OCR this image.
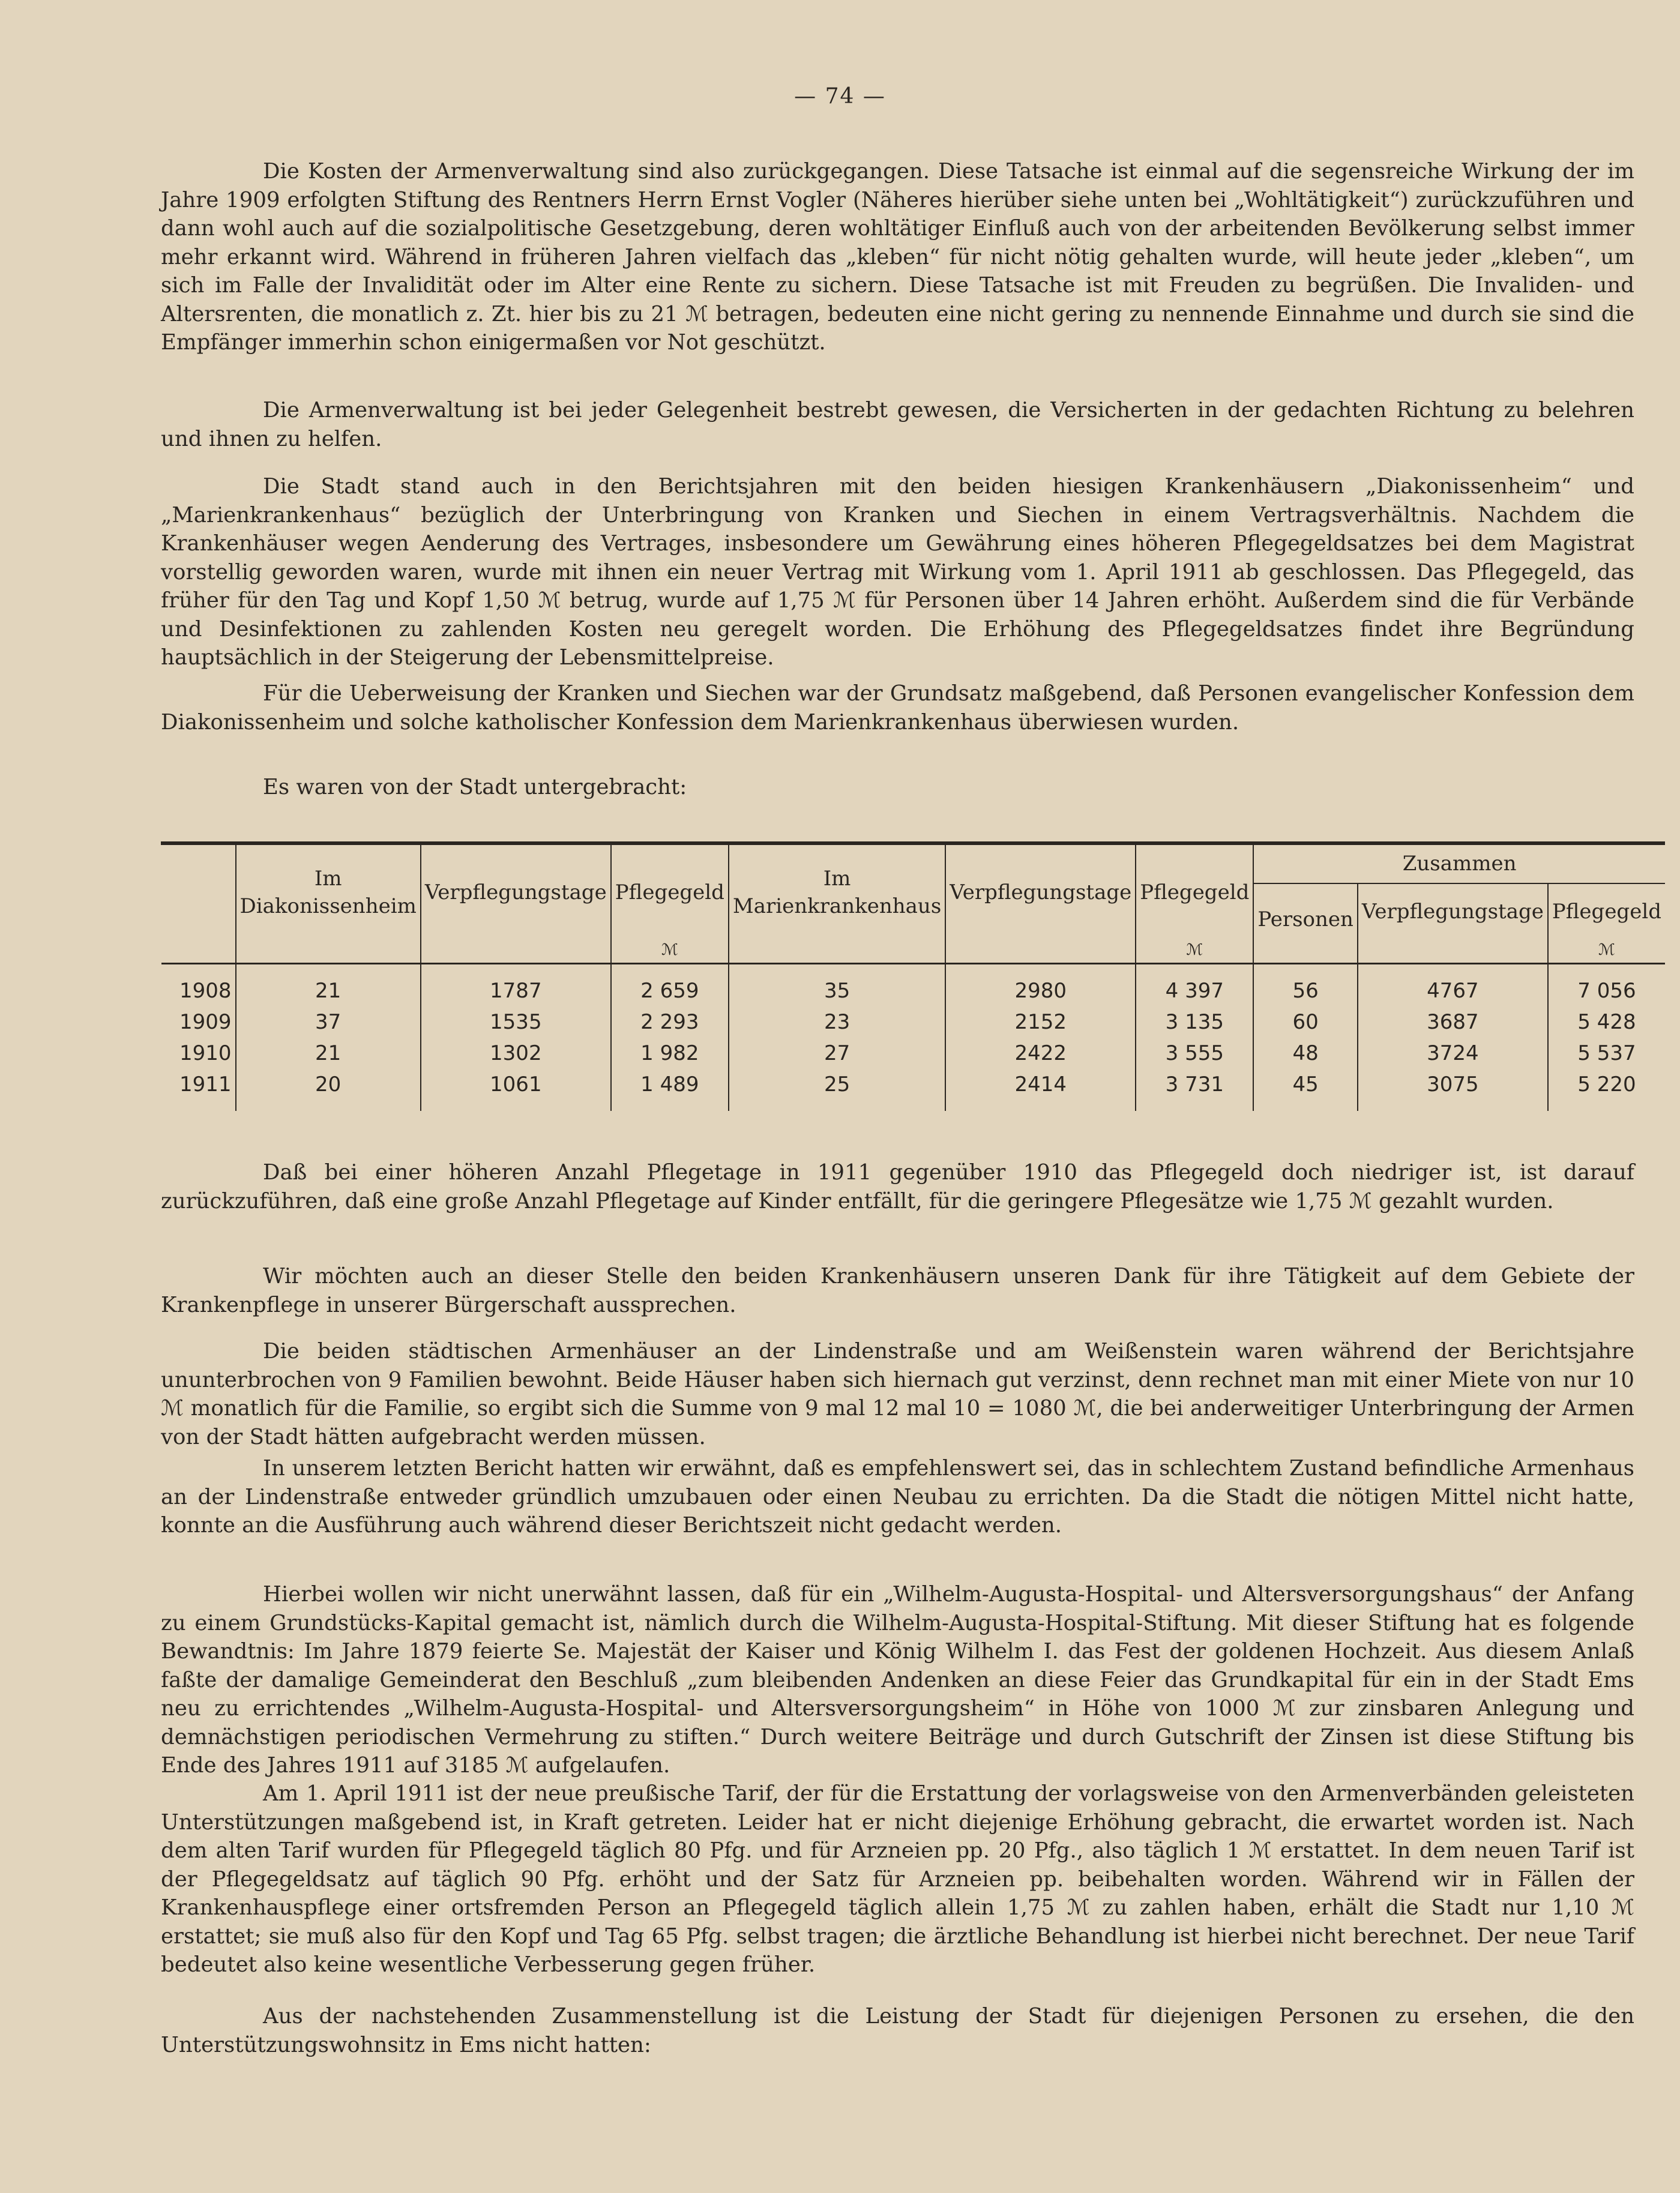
— 74 —

Die Kosten der Armenverwaltung sind also zurückgegangen. Diese Tatsache ist einmal auf die segensreiche Wirkung der im Jahre 1909 erfolgten Stiftung des Rentners Herrn Ernst Vogler (Näheres hierüber siehe unten bei „Wohltätigkeit“) zurückzuführen und dann wohl auch auf die sozialpolitische Gesetzgebung, deren wohltätiger Einfluß auch von der arbeitenden Bevölkerung selbst immer mehr erkannt wird. Während in früheren Jahren vielfach das „kleben“ für nicht nötig gehalten wurde, will heute jeder „kleben“, um sich im Falle der Invalidität oder im Alter eine Rente zu sichern. Diese Tatsache ist mit Freuden zu begrüßen. Die Invaliden- und Altersrenten, die monatlich z. Zt. hier bis zu 21 ℳ betragen, bedeuten eine nicht gering zu nennende Einnahme und durch sie sind die Empfänger immerhin schon einigermaßen vor Not geschützt.

Die Armenverwaltung ist bei jeder Gelegenheit bestrebt gewesen, die Versicherten in der gedachten Richtung zu belehren und ihnen zu helfen.

Die Stadt stand auch in den Berichtsjahren mit den beiden hiesigen Krankenhäusern „Diakonissenheim“ und „Marienkrankenhaus“ bezüglich der Unterbringung von Kranken und Siechen in einem Vertragsverhältnis. Nachdem die Krankenhäuser wegen Aenderung des Vertrages, insbesondere um Gewährung eines höheren Pflegegeldsatzes bei dem Magistrat vorstellig geworden waren, wurde mit ihnen ein neuer Vertrag mit Wirkung vom 1. April 1911 ab geschlossen. Das Pflegegeld, das früher für den Tag und Kopf 1,50 ℳ betrug, wurde auf 1,75 ℳ für Personen über 14 Jahren erhöht. Außerdem sind die für Verbände und Desinfektionen zu zahlenden Kosten neu geregelt worden. Die Erhöhung des Pflegegeldsatzes findet ihre Begründung hauptsächlich in der Steigerung der Lebensmittelpreise.

Für die Ueberweisung der Kranken und Siechen war der Grundsatz maßgebend, daß Personen evangelischer Konfession dem Diakonissenheim und solche katholischer Konfession dem Marienkrankenhaus überwiesen wurden.

Es waren von der Stadt untergebracht:

	Im Diakonissenheim	Verpflegungstage	Pflegegeld	Im Marienkrankenhaus	Verpflegungstage	Pflegegeld	Zusammen		
							Personen	Verpflegungstage	Pflegegeld
			ℳ			ℳ			ℳ
1908	21	1787	2 659	35	2980	4 397	56	4767	7 056
1909	37	1535	2 293	23	2152	3 135	60	3687	5 428
1910	21	1302	1 982	27	2422	3 555	48	3724	5 537
1911	20	1061	1 489	25	2414	3 731	45	3075	5 220

Daß bei einer höheren Anzahl Pflegetage in 1911 gegenüber 1910 das Pflegegeld doch niedriger ist, ist darauf zurückzuführen, daß eine große Anzahl Pflegetage auf Kinder entfällt, für die geringere Pflegesätze wie 1,75 ℳ gezahlt wurden.

Wir möchten auch an dieser Stelle den beiden Krankenhäusern unseren Dank für ihre Tätigkeit auf dem Gebiete der Krankenpflege in unserer Bürgerschaft aussprechen.

Die beiden städtischen Armenhäuser an der Lindenstraße und am Weißenstein waren während der Berichtsjahre ununterbrochen von 9 Familien bewohnt. Beide Häuser haben sich hiernach gut verzinst, denn rechnet man mit einer Miete von nur 10 ℳ monatlich für die Familie, so ergibt sich die Summe von 9 mal 12 mal 10 = 1080 ℳ, die bei anderweitiger Unterbringung der Armen von der Stadt hätten aufgebracht werden müssen.

In unserem letzten Bericht hatten wir erwähnt, daß es empfehlenswert sei, das in schlechtem Zustand befindliche Armenhaus an der Lindenstraße entweder gründlich umzubauen oder einen Neubau zu errichten. Da die Stadt die nötigen Mittel nicht hatte, konnte an die Ausführung auch während dieser Berichtszeit nicht gedacht werden.

Hierbei wollen wir nicht unerwähnt lassen, daß für ein „Wilhelm-Augusta-Hospital- und Altersversorgungshaus“ der Anfang zu einem Grundstücks-Kapital gemacht ist, nämlich durch die Wilhelm-Augusta-Hospital-Stiftung. Mit dieser Stiftung hat es folgende Bewandtnis: Im Jahre 1879 feierte Se. Majestät der Kaiser und König Wilhelm I. das Fest der goldenen Hochzeit. Aus diesem Anlaß faßte der damalige Gemeinderat den Beschluß „zum bleibenden Andenken an diese Feier das Grundkapital für ein in der Stadt Ems neu zu errichtendes „Wilhelm-Augusta-Hospital- und Altersversorgungsheim“ in Höhe von 1000 ℳ zur zinsbaren Anlegung und demnächstigen periodischen Vermehrung zu stiften.“ Durch weitere Beiträge und durch Gutschrift der Zinsen ist diese Stiftung bis Ende des Jahres 1911 auf 3185 ℳ aufgelaufen.

Am 1. April 1911 ist der neue preußische Tarif, der für die Erstattung der vorlagsweise von den Armenverbänden geleisteten Unterstützungen maßgebend ist, in Kraft getreten. Leider hat er nicht diejenige Erhöhung gebracht, die erwartet worden ist. Nach dem alten Tarif wurden für Pflegegeld täglich 80 Pfg. und für Arzneien pp. 20 Pfg., also täglich 1 ℳ erstattet. In dem neuen Tarif ist der Pflegegeldsatz auf täglich 90 Pfg. erhöht und der Satz für Arzneien pp. beibehalten worden. Während wir in Fällen der Krankenhauspflege einer ortsfremden Person an Pflegegeld täglich allein 1,75 ℳ zu zahlen haben, erhält die Stadt nur 1,10 ℳ erstattet; sie muß also für den Kopf und Tag 65 Pfg. selbst tragen; die ärztliche Behandlung ist hierbei nicht berechnet. Der neue Tarif bedeutet also keine wesentliche Verbesserung gegen früher.

Aus der nachstehenden Zusammenstellung ist die Leistung der Stadt für diejenigen Personen zu ersehen, die den Unterstützungswohnsitz in Ems nicht hatten:
